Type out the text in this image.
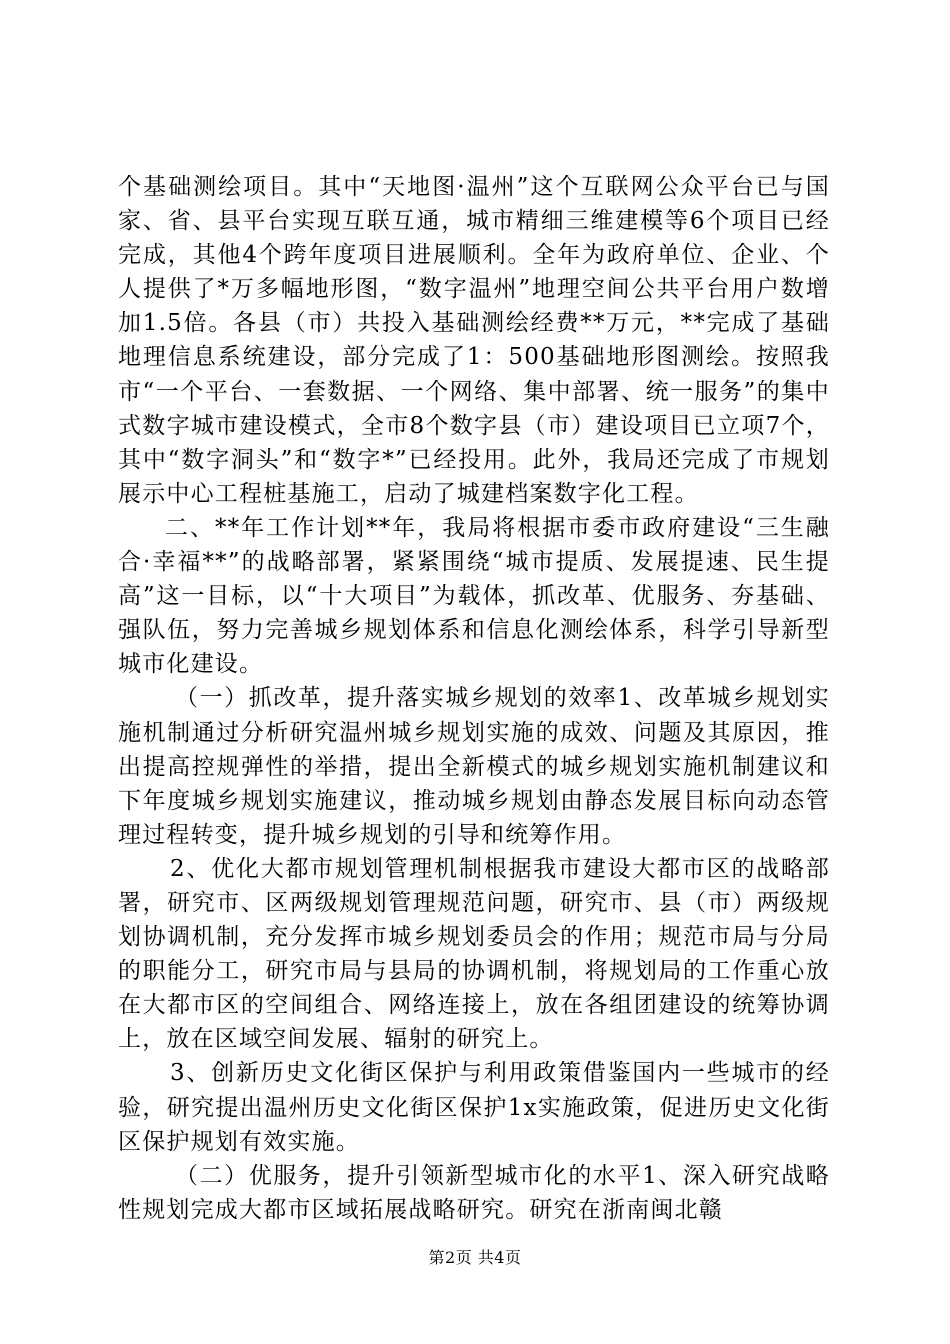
个基础测绘项目。其中“天地图·温州”这个互联网公众平台已与国家、省、县平台实现互联互通，城市精细三维建模等6个项目已经完成，其他4个跨年度项目进展顺利。全年为政府单位、企业、个人提供了*万多幅地形图，“数字温州”地理空间公共平台用户数增加1.5倍。各县（市）共投入基础测绘经费**万元，**完成了基础地理信息系统建设，部分完成了1：500基础地形图测绘。按照我市“一个平台、一套数据、一个网络、集中部署、统一服务”的集中式数字城市建设模式，全市8个数字县（市）建设项目已立项7个，其中“数字洞头”和“数字*”已经投用。此外，我局还完成了市规划展示中心工程桩基施工，启动了城建档案数字化工程。

二、**年工作计划**年，我局将根据市委市政府建设“三生融合·幸福**”的战略部署，紧紧围绕“城市提质、发展提速、民生提高”这一目标，以“十大项目”为载体，抓改革、优服务、夯基础、强队伍，努力完善城乡规划体系和信息化测绘体系，科学引导新型城市化建设。

（一）抓改革，提升落实城乡规划的效率1、改革城乡规划实施机制通过分析研究温州城乡规划实施的成效、问题及其原因，推出提高控规弹性的举措，提出全新模式的城乡规划实施机制建议和下年度城乡规划实施建议，推动城乡规划由静态发展目标向动态管理过程转变，提升城乡规划的引导和统筹作用。

2、优化大都市规划管理机制根据我市建设大都市区的战略部署，研究市、区两级规划管理规范问题，研究市、县（市）两级规划协调机制，充分发挥市城乡规划委员会的作用；规范市局与分局的职能分工，研究市局与县局的协调机制，将规划局的工作重心放在大都市区的空间组合、网络连接上，放在各组团建设的统筹协调上，放在区域空间发展、辐射的研究上。

3、创新历史文化街区保护与利用政策借鉴国内一些城市的经验，研究提出温州历史文化街区保护1x实施政策，促进历史文化街区保护规划有效实施。

（二）优服务，提升引领新型城市化的水平1、深入研究战略性规划完成大都市区域拓展战略研究。研究在浙南闽北赣

第2页 共4页
